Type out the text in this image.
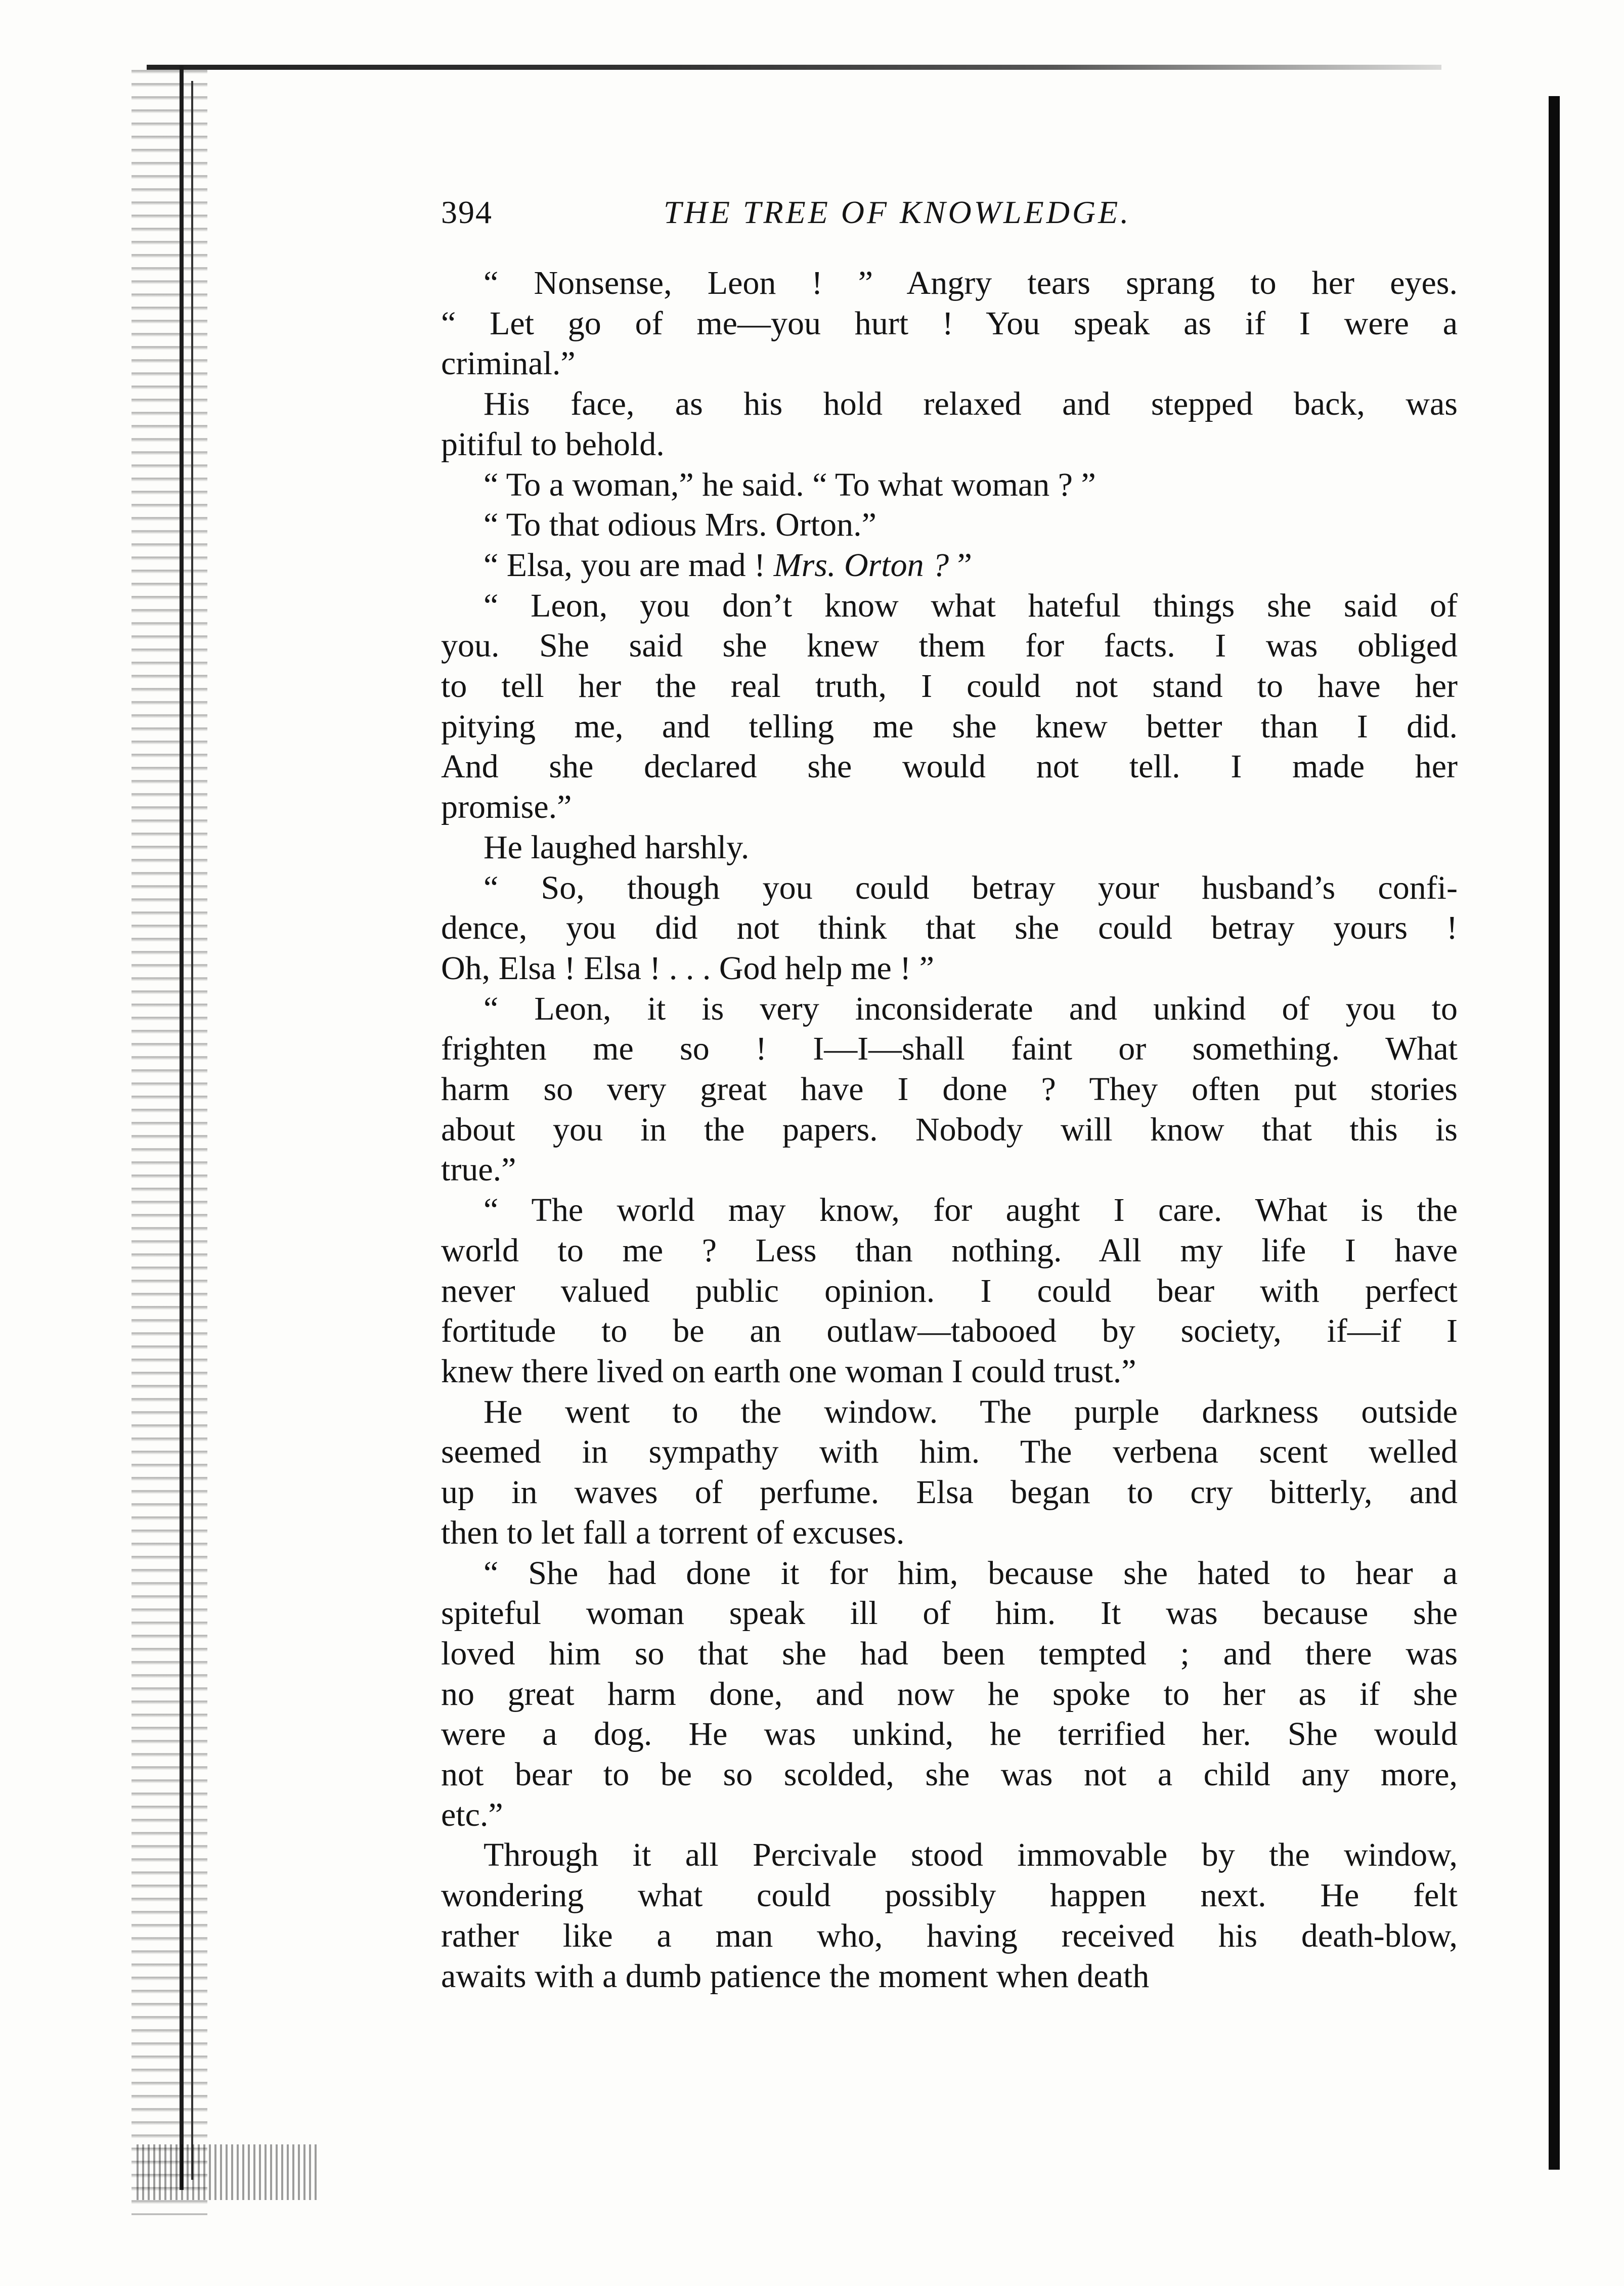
394	THE TREE OF KNOWLEDGE.
“ Nonsense, Leon ! ” Angry tears sprang to her eyes.
“ Let go of me—you hurt ! You speak as if I were a
criminal.”
His face, as his hold relaxed and stepped back, was
pitiful to behold.
“ To a woman,” he said. “ To what woman ? ”
“ To that odious Mrs. Orton.”
“ Elsa, you are mad ! Mrs. Orton ? ”
“ Leon, you don’t know what hateful things she said of
you. She said she knew them for facts. I was obliged
to tell her the real truth, I could not stand to have her
pitying me, and telling me she knew better than I did.
And she declared she would not tell. I made her
promise.”
He laughed harshly.
“ So, though you could betray your husband’s confi-
dence, you did not think that she could betray yours !
Oh, Elsa ! Elsa ! . . . God help me ! ”
“ Leon, it is very inconsiderate and unkind of you to
frighten me so ! I—I—shall faint or something. What
harm so very great have I done ? They often put stories
about you in the papers. Nobody will know that this is
true.”
“ The world may know, for aught I care. What is the
world to me ? Less than nothing. All my life I have
never valued public opinion. I could bear with perfect
fortitude to be an outlaw—tabooed by society, if—if I
knew there lived on earth one woman I could trust.”
He went to the window. The purple darkness outside
seemed in sympathy with him. The verbena scent welled
up in waves of perfume. Elsa began to cry bitterly, and
then to let fall a torrent of excuses.
“ She had done it for him, because she hated to hear a
spiteful woman speak ill of him. It was because she
loved him so that she had been tempted ; and there was
no great harm done, and now he spoke to her as if she
were a dog. He was unkind, he terrified her. She would
not bear to be so scolded, she was not a child any more,
etc.”
Through it all Percivale stood immovable by the window,
wondering what could possibly happen next. He felt
rather like a man who, having received his death-blow,
awaits with a dumb patience the moment when death
